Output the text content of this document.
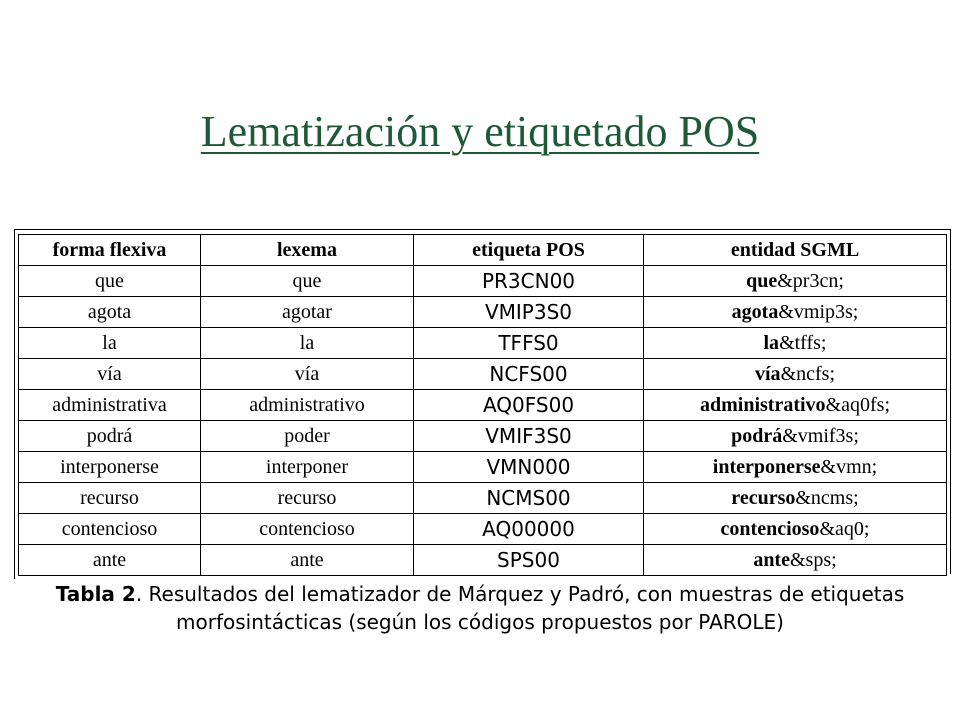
Lematización y etiquetado POS
forma flexiva	lexema	etiqueta POS	entidad SGML
que	que	PR3CN00	que&pr3cn;
agota	agotar	VMIP3S0	agota&vmip3s;
la	la	TFFS0	la&tffs;
vía	vía	NCFS00	vía&ncfs;
administrativa	administrativo	AQ0FS00	administrativo&aq0fs;
podrá	poder	VMIF3S0	podrá&vmif3s;
interponerse	interponer	VMN000	interponerse&vmn;
recurso	recurso	NCMS00	recurso&ncms;
contencioso	contencioso	AQ00000	contencioso&aq0;
ante	ante	SPS00	ante&sps;
Tabla 2. Resultados del lematizador de Márquez y Padró, con muestras de etiquetas
morfosintácticas (según los códigos propuestos por PAROLE)
